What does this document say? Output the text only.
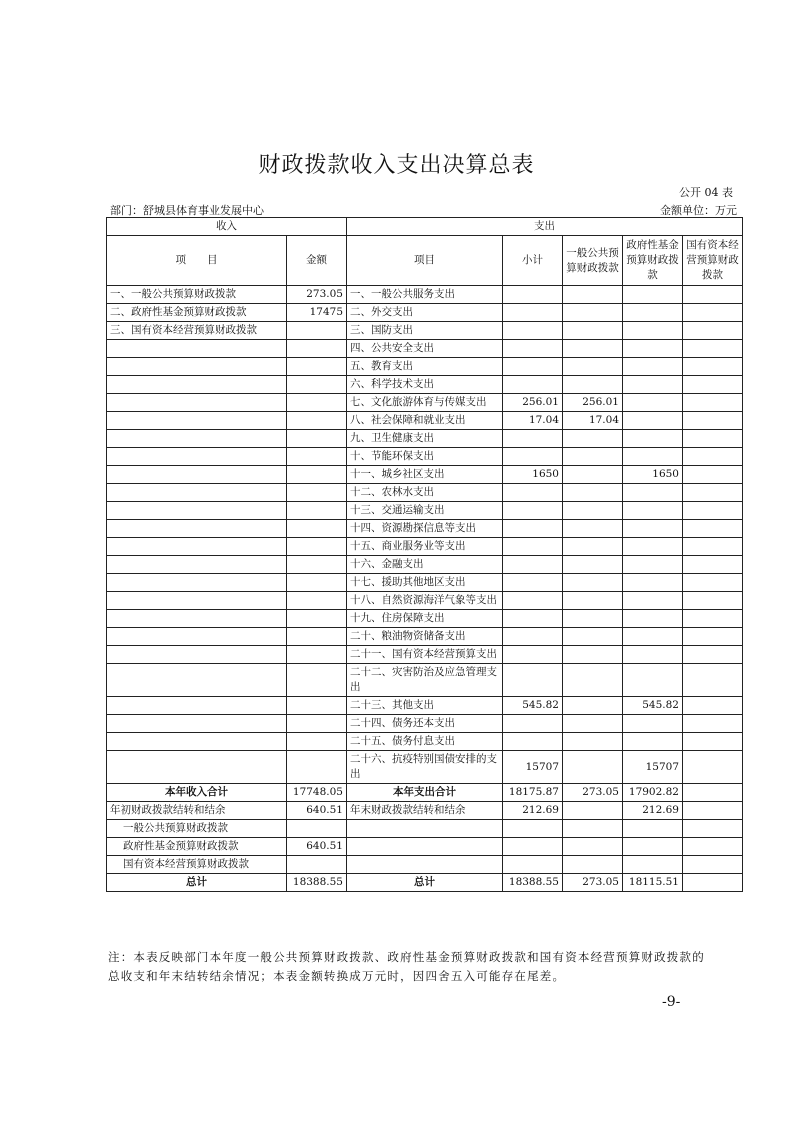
财政拨款收入支出决算总表
公开 04 表
部门：舒城县体育事业发展中心	金额单位：万元
收入		支出				
项　　目	金额	项目	小计	一般公共预算财政拨款	政府性基金预算财政拨款	国有资本经营预算财政拨款
一、一般公共预算财政拨款	273.05	一、一般公共服务支出				
二、政府性基金预算财政拨款	17475	二、外交支出				
三、国有资本经营预算财政拨款		三、国防支出				
		四、公共安全支出				
		五、教育支出				
		六、科学技术支出				
		七、文化旅游体育与传媒支出	256.01	256.01		
		八、社会保障和就业支出	17.04	17.04		
		九、卫生健康支出				
		十、节能环保支出				
		十一、城乡社区支出	1650		1650	
		十二、农林水支出				
		十三、交通运输支出				
		十四、资源勘探信息等支出				
		十五、商业服务业等支出				
		十六、金融支出				
		十七、援助其他地区支出				
		十八、自然资源海洋气象等支出				
		十九、住房保障支出				
		二十、粮油物资储备支出				
		二十一、国有资本经营预算支出				
		二十二、灾害防治及应急管理支出				
		二十三、其他支出	545.82		545.82	
		二十四、债务还本支出				
		二十五、债务付息支出				
		二十六、抗疫特别国债安排的支出	15707		15707	
本年收入合计	17748.05	本年支出合计	18175.87	273.05	17902.82	
年初财政拨款结转和结余	640.51	年末财政拨款结转和结余	212.69		212.69	
一般公共预算财政拨款						
政府性基金预算财政拨款	640.51					
国有资本经营预算财政拨款						
总计	18388.55	总计	18388.55	273.05	18115.51	
注：本表反映部门本年度一般公共预算财政拨款、政府性基金预算财政拨款和国有资本经营预算财政拨款的总收支和年末结转结余情况；本表金额转换成万元时，因四舍五入可能存在尾差。
-9-
